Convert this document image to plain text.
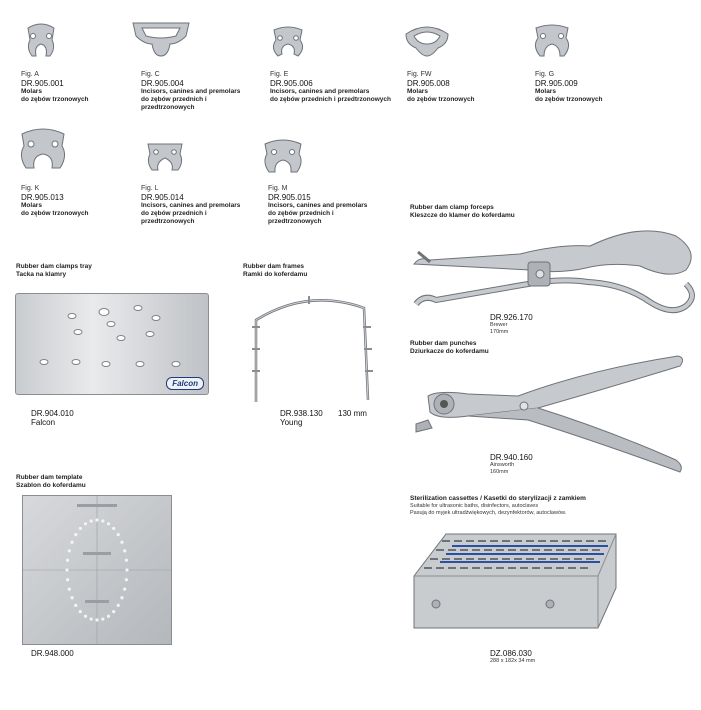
Fig. A
DR.905.001
Molars
do zębów trzonowych
Fig. C
DR.905.004
Incisors, canines and premolars
do zębów przednich i
przedtrzonowych
Fig. E
DR.905.006
Incisors, canines and premolars
do zębów przednich i przedtrzonowych
Fig. FW
DR.905.008
Molars
do zębów trzonowych
Fig. G
DR.905.009
Molars
do zębów trzonowych
Fig. K
DR.905.013
Molars
do zębów trzonowych
Fig. L
DR.905.014
Incisors, canines and premolars
do zębów przednich i
przedtrzonowych
Fig. M
DR.905.015
Incisors, canines and premolars
do zębów przednich i
przedtrzonowych
Rubber dam clamp forceps
Kleszcze do klamer do koferdamu
DR.926.170
Brewer
170mm
Rubber dam clamps tray
Tacka na klamry
Falcon
DR.904.010
Falcon
Rubber dam frames
Ramki do koferdamu
DR.938.130
Young
130 mm
Rubber dam punches
Dziurkacze do koferdamu
DR.940.160
Ainsworth
160mm
Rubber dam template
Szablon do koferdamu
DR.948.000
Sterilization cassettes / Kasetki do sterylizacji z zamkiem
Suitable for ultrasonic baths, disinfectors, autoclaves
Pasują do myjek ultradźwiękowych, dezynfektorów, autoclawów.
DZ.086.030
288 x 182x 34 mm
